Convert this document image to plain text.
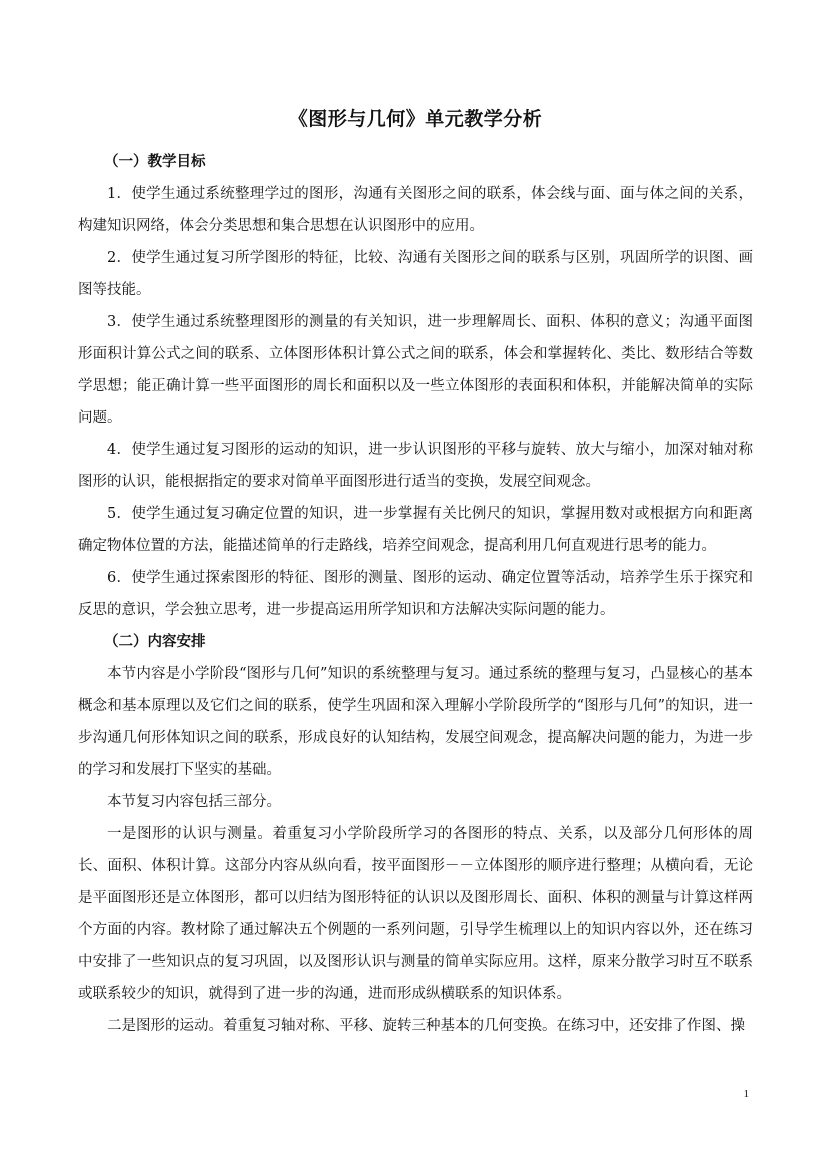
《图形与几何》单元教学分析

（一）教学目标

1．使学生通过系统整理学过的图形，沟通有关图形之间的联系，体会线与面、面与体之间的关系，构建知识网络，体会分类思想和集合思想在认识图形中的应用。

2．使学生通过复习所学图形的特征，比较、沟通有关图形之间的联系与区别，巩固所学的识图、画图等技能。

3．使学生通过系统整理图形的测量的有关知识，进一步理解周长、面积、体积的意义；沟通平面图形面积计算公式之间的联系、立体图形体积计算公式之间的联系，体会和掌握转化、类比、数形结合等数学思想；能正确计算一些平面图形的周长和面积以及一些立体图形的表面积和体积，并能解决简单的实际问题。

4．使学生通过复习图形的运动的知识，进一步认识图形的平移与旋转、放大与缩小，加深对轴对称图形的认识，能根据指定的要求对简单平面图形进行适当的变换，发展空间观念。

5．使学生通过复习确定位置的知识，进一步掌握有关比例尺的知识，掌握用数对或根据方向和距离确定物体位置的方法，能描述简单的行走路线，培养空间观念，提高利用几何直观进行思考的能力。

6．使学生通过探索图形的特征、图形的测量、图形的运动、确定位置等活动，培养学生乐于探究和反思的意识，学会独立思考，进一步提高运用所学知识和方法解决实际问题的能力。

（二）内容安排

本节内容是小学阶段“图形与几何”知识的系统整理与复习。通过系统的整理与复习，凸显核心的基本概念和基本原理以及它们之间的联系，使学生巩固和深入理解小学阶段所学的“图形与几何”的知识，进一步沟通几何形体知识之间的联系，形成良好的认知结构，发展空间观念，提高解决问题的能力，为进一步的学习和发展打下坚实的基础。

本节复习内容包括三部分。

一是图形的认识与测量。着重复习小学阶段所学习的各图形的特点、关系，以及部分几何形体的周长、面积、体积计算。这部分内容从纵向看，按平面图形－－立体图形的顺序进行整理；从横向看，无论是平面图形还是立体图形，都可以归结为图形特征的认识以及图形周长、面积、体积的测量与计算这样两个方面的内容。教材除了通过解决五个例题的一系列问题，引导学生梳理以上的知识内容以外，还在练习中安排了一些知识点的复习巩固，以及图形认识与测量的简单实际应用。这样，原来分散学习时互不联系或联系较少的知识，就得到了进一步的沟通，进而形成纵横联系的知识体系。

二是图形的运动。着重复习轴对称、平移、旋转三种基本的几何变换。在练习中，还安排了作图、操

1
